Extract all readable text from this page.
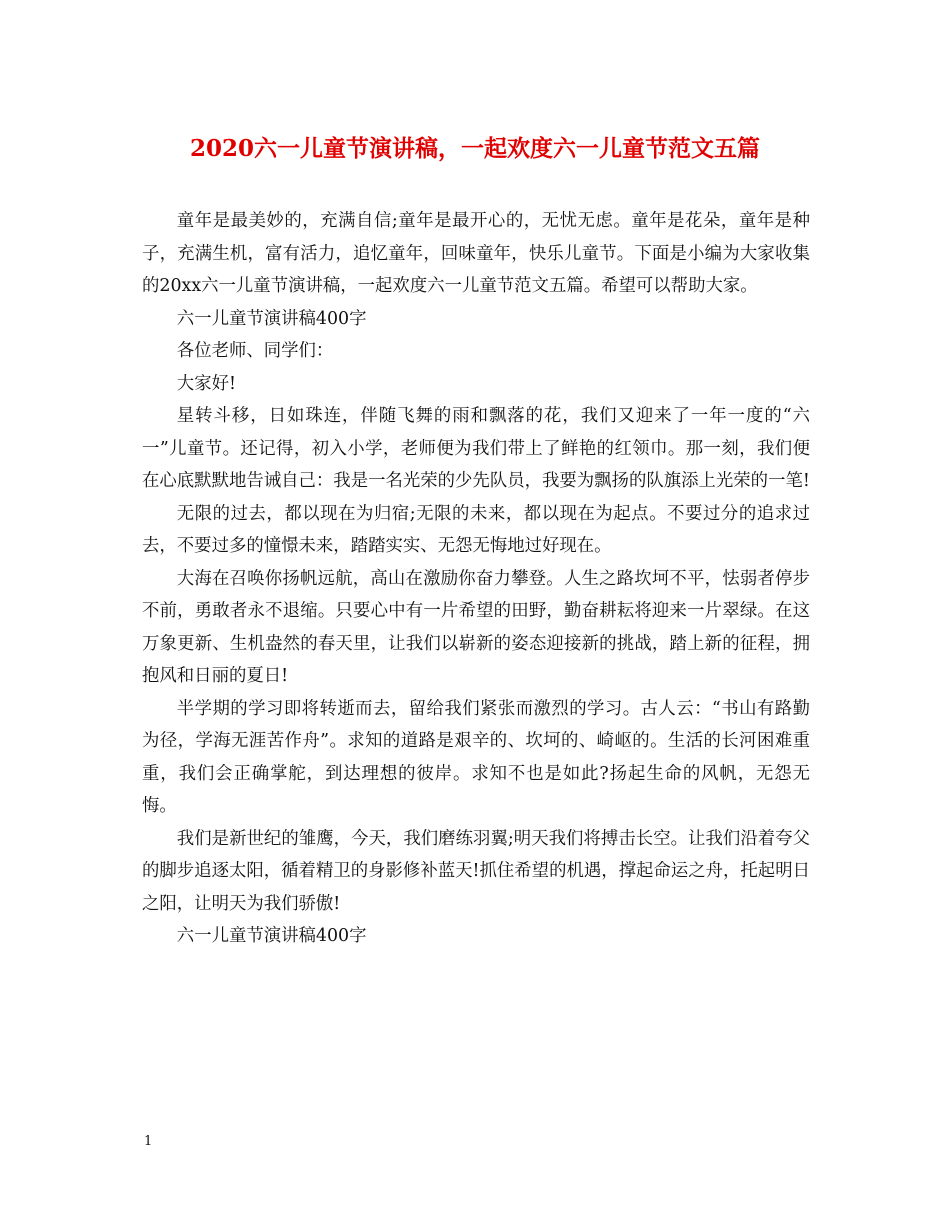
2020六一儿童节演讲稿，一起欢度六一儿童节范文五篇

童年是最美妙的，充满自信;童年是最开心的，无忧无虑。童年是花朵，童年是种子，充满生机，富有活力，追忆童年，回味童年，快乐儿童节。下面是小编为大家收集的20xx六一儿童节演讲稿，一起欢度六一儿童节范文五篇。希望可以帮助大家。

六一儿童节演讲稿400字

各位老师、同学们：

大家好!

星转斗移，日如珠连，伴随飞舞的雨和飘落的花，我们又迎来了一年一度的“六一”儿童节。还记得，初入小学，老师便为我们带上了鲜艳的红领巾。那一刻，我们便在心底默默地告诫自己：我是一名光荣的少先队员，我要为飘扬的队旗添上光荣的一笔!

无限的过去，都以现在为归宿;无限的未来，都以现在为起点。不要过分的追求过去，不要过多的憧憬未来，踏踏实实、无怨无悔地过好现在。

大海在召唤你扬帆远航，高山在激励你奋力攀登。人生之路坎坷不平，怯弱者停步不前，勇敢者永不退缩。只要心中有一片希望的田野，勤奋耕耘将迎来一片翠绿。在这万象更新、生机盎然的春天里，让我们以崭新的姿态迎接新的挑战，踏上新的征程，拥抱风和日丽的夏日!

半学期的学习即将转逝而去，留给我们紧张而激烈的学习。古人云：“书山有路勤为径，学海无涯苦作舟”。求知的道路是艰辛的、坎坷的、崎岖的。生活的长河困难重重，我们会正确掌舵，到达理想的彼岸。求知不也是如此?扬起生命的风帆，无怨无悔。

我们是新世纪的雏鹰，今天，我们磨练羽翼;明天我们将搏击长空。让我们沿着夸父的脚步追逐太阳，循着精卫的身影修补蓝天!抓住希望的机遇，撑起命运之舟，托起明日之阳，让明天为我们骄傲!

六一儿童节演讲稿400字

1
